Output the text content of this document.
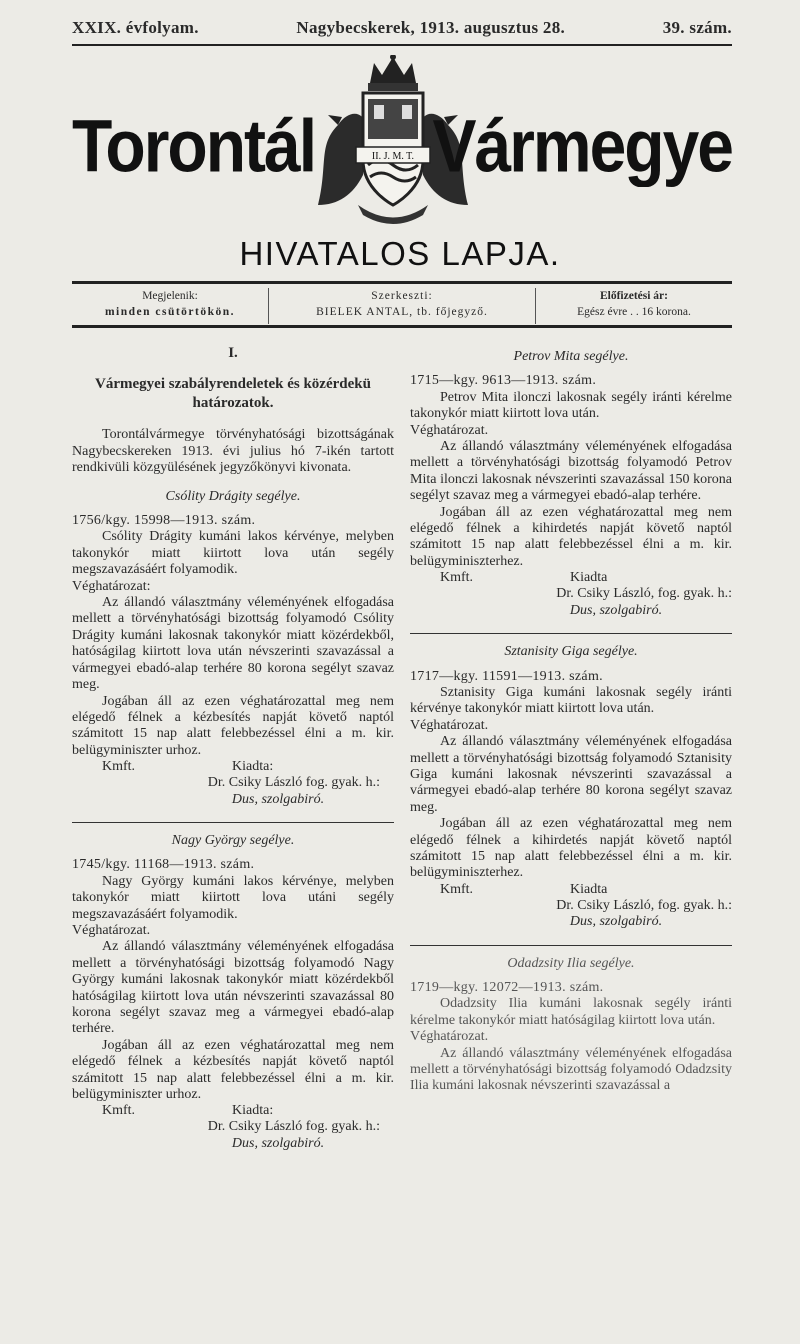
XXIX. évfolyam.	Nagybecskerek, 1913. augusztus 28.	39. szám.
Torontál	II. J. M. T. Vármegye
HIVATALOS LAPJA.
Megjelenik:
minden csütörtökön.
Szerkeszti:
BIELEK ANTAL, tb. főjegyző.
Előfizetési ár:
Egész évre . . 16 korona.
I.
Vármegyei szabályrendeletek és közérdekü határozatok.

Torontálvármegye törvényhatósági bizottságának Nagybecskereken 1913. évi julius hó 7-ikén tartott rendkivüli közgyülésének jegyzőkönyvi kivonata.

Csólity Drágity segélye.

1756/kgy. 15998—1913. szám.

Csólity Drágity kumáni lakos kérvénye, melyben takonykór miatt kiirtott lova után segély megszavazásáért folyamodik.

Véghatározat:

Az állandó választmány véleményének elfogadása mellett a törvényhatósági bizottság folyamodó Csólity Drágity kumáni lakosnak takonykór miatt közérdekből, hatóságilag kiirtott lova után névszerinti szavazással a vármegyei ebadó-alap terhére 80 korona segélyt szavaz meg.

Jogában áll az ezen véghatározattal meg nem elégedő félnek a kézbesítés napját követő naptól számitott 15 nap alatt felebbezéssel élni a m. kir. belügyminiszter urhoz.

Kmft.	Kiadta:

Dr. Csiky László fog. gyak. h.:

Dus, szolgabiró.

Nagy György segélye.

1745/kgy. 11168—1913. szám.

Nagy György kumáni lakos kérvénye, melyben takonykór miatt kiirtott lova utáni segély megszavazásáért folyamodik.

Véghatározat.

Az állandó választmány véleményének elfogadása mellett a törvényhatósági bizottság folyamodó Nagy György kumáni lakosnak takonykór miatt közérdekből hatóságilag kiirtott lova után névszerinti szavazással 80 korona segélyt szavaz meg a vármegyei ebadó-alap terhére.

Jogában áll az ezen véghatározattal meg nem elégedő félnek a kézbesítés napját követő naptól számitott 15 nap alatt felebbezéssel élni a m. kir. belügyminiszter urhoz.

Kmft.	Kiadta:

Dr. Csiky László fog. gyak. h.:

Dus, szolgabiró.

Petrov Mita segélye.

1715—kgy. 9613—1913. szám.

Petrov Mita ilonczi lakosnak segély iránti kérelme takonykór miatt kiirtott lova után.

Véghatározat.

Az állandó választmány véleményének elfogadása mellett a törvényhatósági bizottság folyamodó Petrov Mita ilonczi lakosnak névszerinti szavazással 150 korona segélyt szavaz meg a vármegyei ebadó-alap terhére.

Jogában áll az ezen véghatározattal meg nem elégedő félnek a kihirdetés napját követő naptól számitott 15 nap alatt felebbezéssel élni a m. kir. belügyminiszterhez.

Kmft.	Kiadta

Dr. Csiky László, fog. gyak. h.:

Dus, szolgabiró.

Sztanisity Giga segélye.

1717—kgy. 11591—1913. szám.

Sztanisity Giga kumáni lakosnak segély iránti kérvénye takonykór miatt kiirtott lova után.

Véghatározat.

Az állandó választmány véleményének elfogadása mellett a törvényhatósági bizottság folyamodó Sztanisity Giga kumáni lakosnak névszerinti szavazással a vármegyei ebadó-alap terhére 80 korona segélyt szavaz meg.

Jogában áll az ezen véghatározattal meg nem elégedő félnek a kihirdetés napját követő naptól számitott 15 nap alatt felebbezéssel élni a m. kir. belügyminiszterhez.

Kmft.	Kiadta

Dr. Csiky László, fog. gyak. h.:

Dus, szolgabiró.

Odadzsity Ilia segélye.

1719—kgy. 12072—1913. szám.

Odadzsity Ilia kumáni lakosnak segély iránti kérelme takonykór miatt hatóságilag kiirtott lova után.

Véghatározat.

Az állandó választmány véleményének elfogadása mellett a törvényhatósági bizottság folyamodó Odadzsity Ilia kumáni lakosnak névszerinti szavazással a
